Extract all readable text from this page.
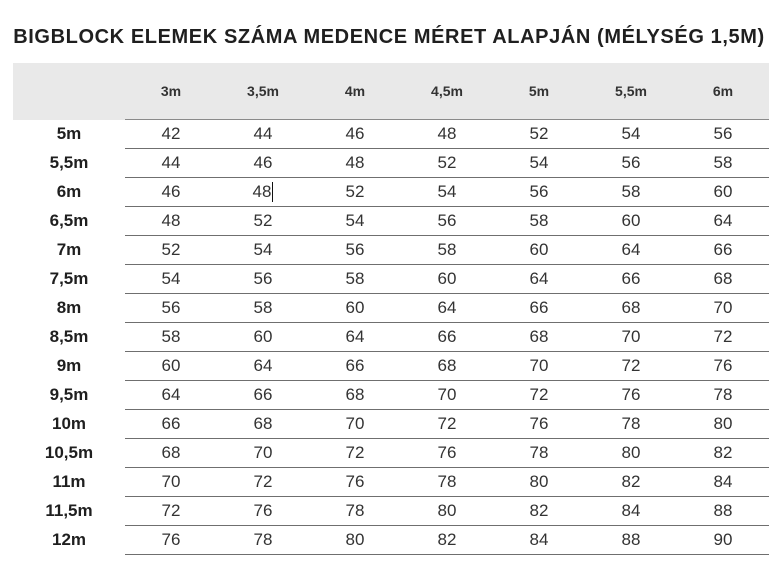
BIGBLOCK ELEMEK SZÁMA MEDENCE MÉRET ALAPJÁN (MÉLYSÉG 1,5M)
	3m	3,5m	4m	4,5m	5m	5,5m	6m
5m	42	44	46	48	52	54	56
5,5m	44	46	48	52	54	56	58
6m	46	48	52	54	56	58	60
6,5m	48	52	54	56	58	60	64
7m	52	54	56	58	60	64	66
7,5m	54	56	58	60	64	66	68
8m	56	58	60	64	66	68	70
8,5m	58	60	64	66	68	70	72
9m	60	64	66	68	70	72	76
9,5m	64	66	68	70	72	76	78
10m	66	68	70	72	76	78	80
10,5m	68	70	72	76	78	80	82
11m	70	72	76	78	80	82	84
11,5m	72	76	78	80	82	84	88
12m	76	78	80	82	84	88	90
